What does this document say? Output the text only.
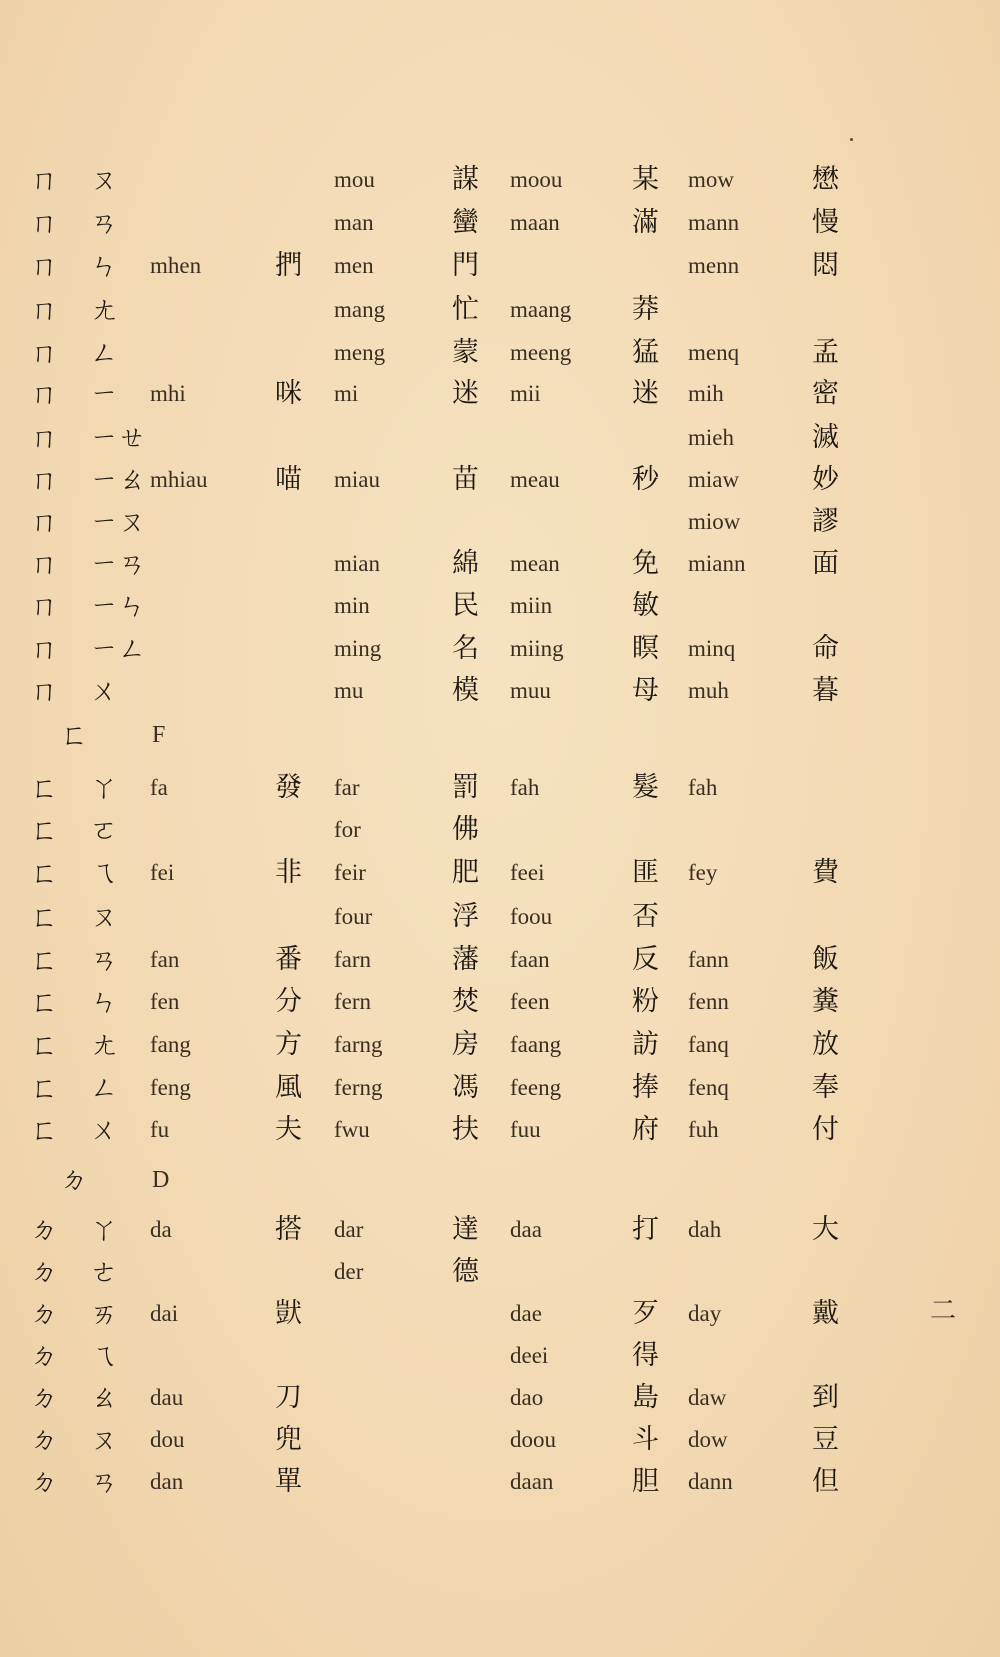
ㄇ ㄡ	mou	謀 moou	某 mow	懋
ㄇ ㄢ	man	蠻 maan	滿 mann	慢
ㄇ ㄣ mhen	捫 men	門	menn	悶
ㄇ ㄤ	mang 忙 maang 莽
ㄇ ㄥ	meng 蒙 meeng 猛 menq	孟
ㄇ ㄧ mhi	咪 mi	迷 mii	迷 mih	密
ㄇ ㄧㄝ	mieh	滅
ㄇ ㄧㄠ mhiau	喵 miau	苗 meau	秒 miaw	妙
ㄇ ㄧㄡ	miow	謬
ㄇ ㄧㄢ	mian	綿 mean	免 miann 面
ㄇ ㄧㄣ	min	民 miin	敏
ㄇ ㄧㄥ	ming	名 miing	瞑 minq	命
ㄇ ㄨ	mu	模 muu	母 muh	暮
ㄈ	F
ㄈ ㄚ fa	發 far	罰 fah	髮 fah
ㄈ ㄛ	for	佛
ㄈ ㄟ fei	非 feir	肥 feei	匪 fey	費
ㄈ ㄡ	four	浮 foou	否
ㄈ ㄢ fan	番 farn	藩 faan	反 fann	飯
ㄈ ㄣ fen	分 fern	焚 feen	粉 fenn	糞
ㄈ ㄤ fang	方 farng	房 faang	訪 fanq	放
ㄈ ㄥ feng	風 ferng	馮 feeng	捧 fenq	奉
ㄈ ㄨ fu	夫 fwu	扶 fuu	府 fuh	付
ㄉ	D
ㄉ ㄚ da	搭 dar	達 daa	打 dah	大
ㄉ ㄜ	der	德
ㄉ ㄞ dai	獃	dae	歹 day	戴
ㄉ ㄟ	deei	得
ㄉ ㄠ dau	刀	dao	島 daw	到
ㄉ ㄡ dou	兜	doou	斗 dow	豆
ㄉ ㄢ dan	單	daan	胆 dann	但
二
